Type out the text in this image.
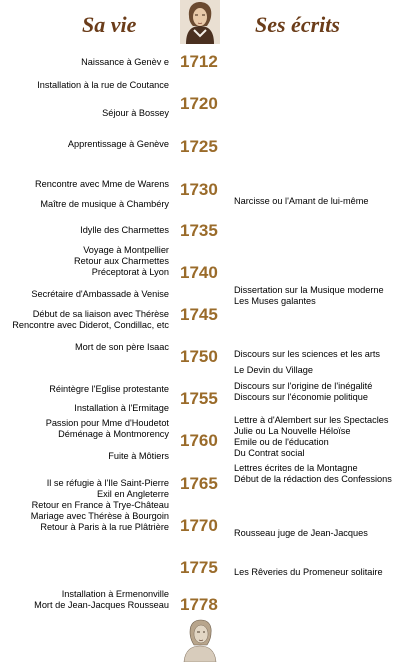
Sa vie	Ses écrits
1712
1720
1725
1730
1735
1740
1745
1750
1755
1760
1765
1770
1775
1778
Naissance à Genèv e
Installation à la rue de Coutance
Séjour à Bossey
Apprentissage à Genève
Rencontre avec Mme de Warens
Maître de musique à Chambéry
Idylle des Charmettes
Voyage à Montpellier
Retour aux Charmettes
Préceptorat à Lyon
Secrétaire d'Ambassade à Venise
Début de sa liaison avec Thérèse
Rencontre avec Diderot, Condillac, etc
Mort de son père Isaac
Réintègre l'Eglise protestante
Installation à l'Ermitage
Passion pour Mme d'Houdetot
Déménage à Montmorency
Fuite à Môtiers
Il se réfugie à l'Ile Saint-Pierre
Exil en Angleterre
Retour en France à Trye-Château
Mariage avec Thérèse à Bourgoin
Retour à Paris à la rue Plâtrière
Installation à Ermenonville
Mort de Jean-Jacques Rousseau
Narcisse ou l'Amant de lui-même
Dissertation sur la Musique moderne
Les Muses galantes
Discours sur les sciences et les arts
Le Devin du Village
Discours sur l'origine de l'inégalité
Discours sur l'économie politique
Lettre à d'Alembert sur les Spectacles
Julie ou La Nouvelle Héloïse
Emile ou de l'éducation
Du Contrat social
Lettres écrites de la Montagne
Début de la rédaction des Confessions
Rousseau juge de Jean-Jacques
Les Rêveries du Promeneur solitaire
